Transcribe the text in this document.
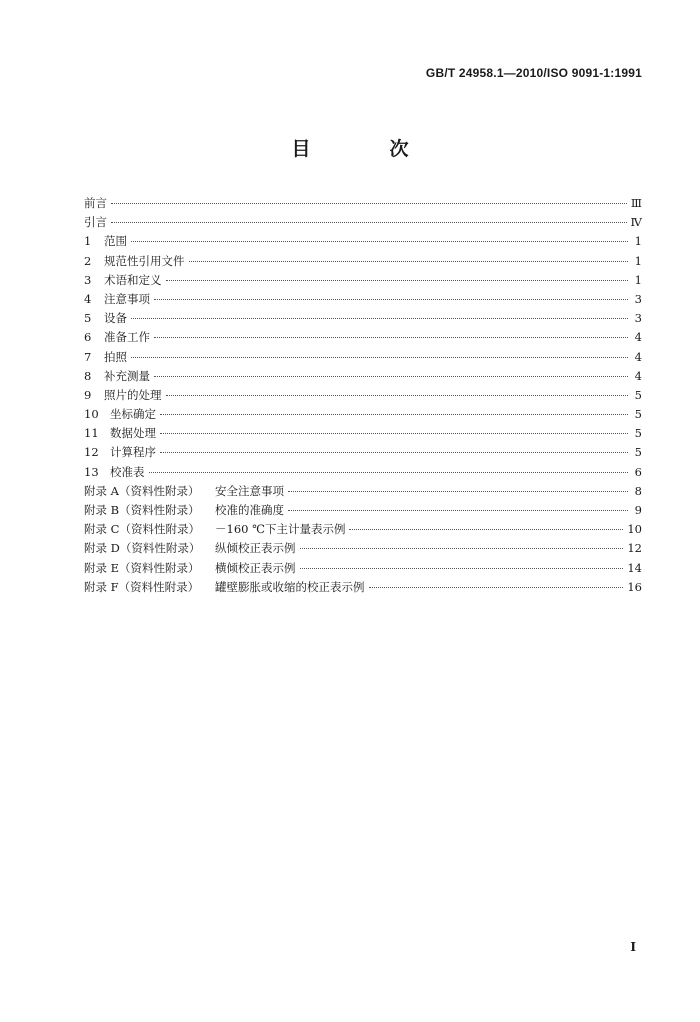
GB/T 24958.1—2010/ISO 9091-1:1991
目　次
前言	Ⅲ
引言	Ⅳ
1 范围	1
2 规范性引用文件	1
3 术语和定义	1
4 注意事项	3
5 设备	3
6 准备工作	4
7 拍照	4
8 补充测量	4
9 照片的处理	5
10 坐标确定	5
11 数据处理	5
12 计算程序	5
13 校准表	6
附录 A（资料性附录） 安全注意事项	8
附录 B（资料性附录） 校准的准确度	9
附录 C（资料性附录） －160 ℃下主计量表示例	10
附录 D（资料性附录） 纵倾校正表示例	12
附录 E（资料性附录） 横倾校正表示例	14
附录 F（资料性附录） 罐壁膨胀或收缩的校正表示例	16
I
